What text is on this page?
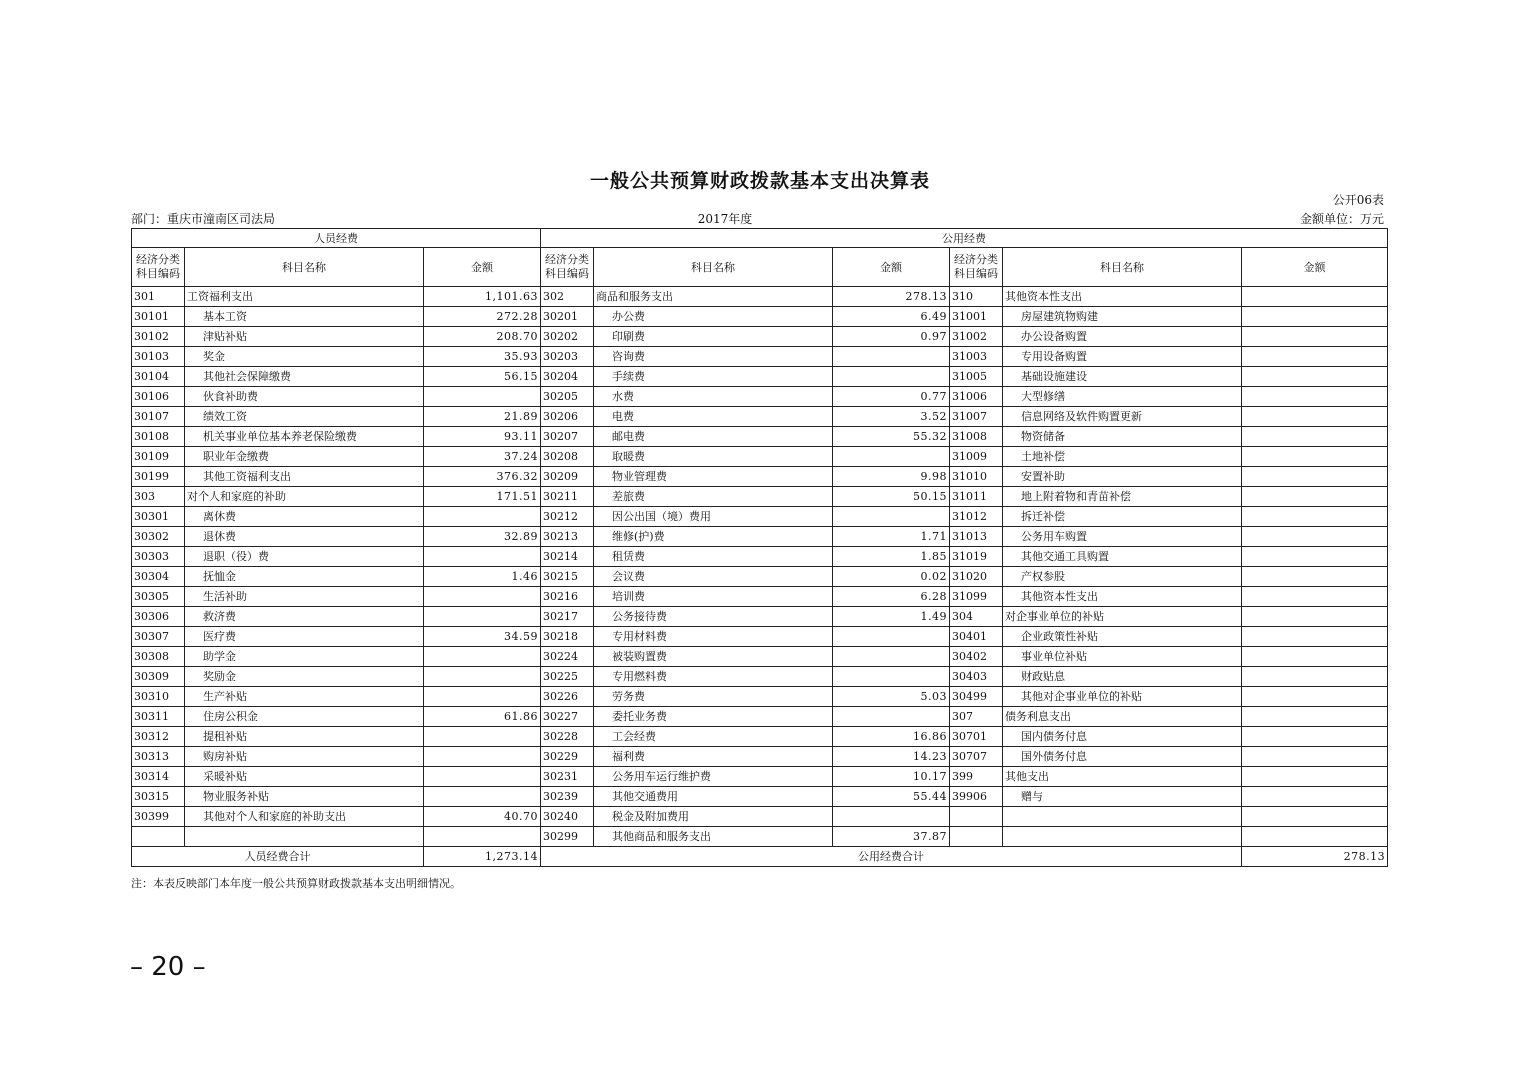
一般公共预算财政拨款基本支出决算表
公开06表
部门：重庆市潼南区司法局	2017年度	金额单位：万元
人员经费			公用经费					
经济分类科目编码	科目名称	金额	经济分类科目编码	科目名称	金额	经济分类科目编码	科目名称	金额
301	工资福利支出	1,101.63	302	商品和服务支出	278.13	310	其他资本性支出	
30101	基本工资	272.28	30201	办公费	6.49	31001	房屋建筑物购建	
30102	津贴补贴	208.70	30202	印刷费	0.97	31002	办公设备购置	
30103	奖金	35.93	30203	咨询费		31003	专用设备购置	
30104	其他社会保障缴费	56.15	30204	手续费		31005	基础设施建设	
30106	伙食补助费		30205	水费	0.77	31006	大型修缮	
30107	绩效工资	21.89	30206	电费	3.52	31007	信息网络及软件购置更新	
30108	机关事业单位基本养老保险缴费	93.11	30207	邮电费	55.32	31008	物资储备	
30109	职业年金缴费	37.24	30208	取暖费		31009	土地补偿	
30199	其他工资福利支出	376.32	30209	物业管理费	9.98	31010	安置补助	
303	对个人和家庭的补助	171.51	30211	差旅费	50.15	31011	地上附着物和青苗补偿	
30301	离休费		30212	因公出国（境）费用		31012	拆迁补偿	
30302	退休费	32.89	30213	维修(护)费	1.71	31013	公务用车购置	
30303	退职（役）费		30214	租赁费	1.85	31019	其他交通工具购置	
30304	抚恤金	1.46	30215	会议费	0.02	31020	产权参股	
30305	生活补助		30216	培训费	6.28	31099	其他资本性支出	
30306	救济费		30217	公务接待费	1.49	304	对企事业单位的补贴	
30307	医疗费	34.59	30218	专用材料费		30401	企业政策性补贴	
30308	助学金		30224	被装购置费		30402	事业单位补贴	
30309	奖励金		30225	专用燃料费		30403	财政贴息	
30310	生产补贴		30226	劳务费	5.03	30499	其他对企事业单位的补贴	
30311	住房公积金	61.86	30227	委托业务费		307	债务利息支出	
30312	提租补贴		30228	工会经费	16.86	30701	国内债务付息	
30313	购房补贴		30229	福利费	14.23	30707	国外债务付息	
30314	采暖补贴		30231	公务用车运行维护费	10.17	399	其他支出	
30315	物业服务补贴		30239	其他交通费用	55.44	39906	赠与	
30399	其他对个人和家庭的补助支出	40.70	30240	税金及附加费用				
			30299	其他商品和服务支出	37.87			
人员经费合计		1,273.14	公用经费合计					278.13
注：本表反映部门本年度一般公共预算财政拨款基本支出明细情况。
– 20 –
